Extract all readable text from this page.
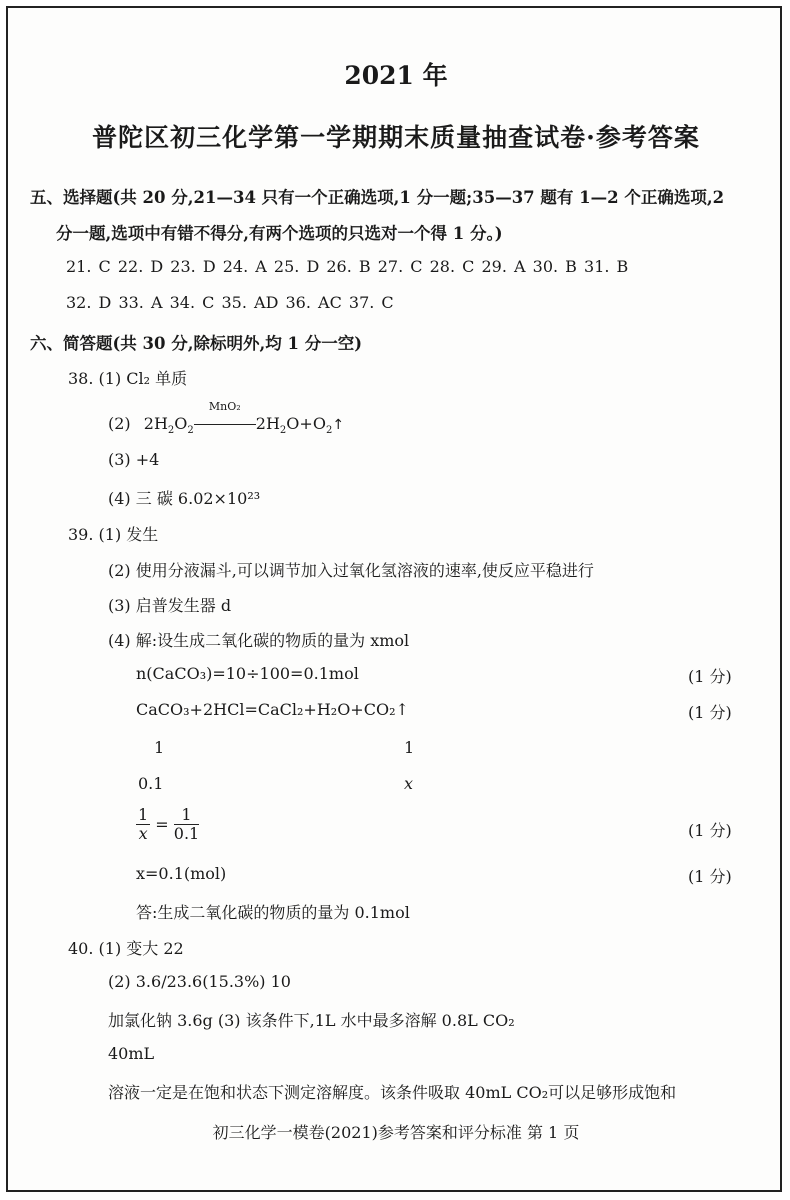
2021 年
普陀区初三化学第一学期期末质量抽查试卷·参考答案
五、选择题(共 20 分,21—34 只有一个正确选项,1 分一题;35—37 题有 1—2 个正确选项,2
分一题,选项中有错不得分,有两个选项的只选对一个得 1 分。)
21. C 22. D 23. D 24. A 25. D 26. B 27. C 28. C 29. A 30. B 31. B
32. D 33. A 34. C 35. AD 36. AC 37. C
六、简答题(共 30 分,除标明外,均 1 分一空)
38. (1) Cl₂ 单质
(2) $2H_2O_2$
MnO₂
$2H_2O+O_2↑$
(3) +4
(4) 三 碳 6.02×10²³
39. (1) 发生
(2) 使用分液漏斗,可以调节加入过氧化氢溶液的速率,使反应平稳进行
(3) 启普发生器 d
(4) 解:设生成二氧化碳的物质的量为 xmol
n(CaCO₃)=10÷100=0.1mol	(1 分)
CaCO₃+2HCl=CaCl₂+H₂O+CO₂↑	(1 分)
1	1
0.1	x
$\frac{1}{x} = \frac{1}{0.1}$	(1 分)
x=0.1(mol)	(1 分)
答:生成二氧化碳的物质的量为 0.1mol
40. (1) 变大 22
(2) 3.6/23.6(15.3%) 10
加氯化钠 3.6g (3) 该条件下,1L 水中最多溶解 0.8L CO₂
40mL
溶液一定是在饱和状态下测定溶解度。该条件吸取 40mL CO₂可以足够形成饱和
初三化学一模卷(2021)参考答案和评分标准 第 1 页
